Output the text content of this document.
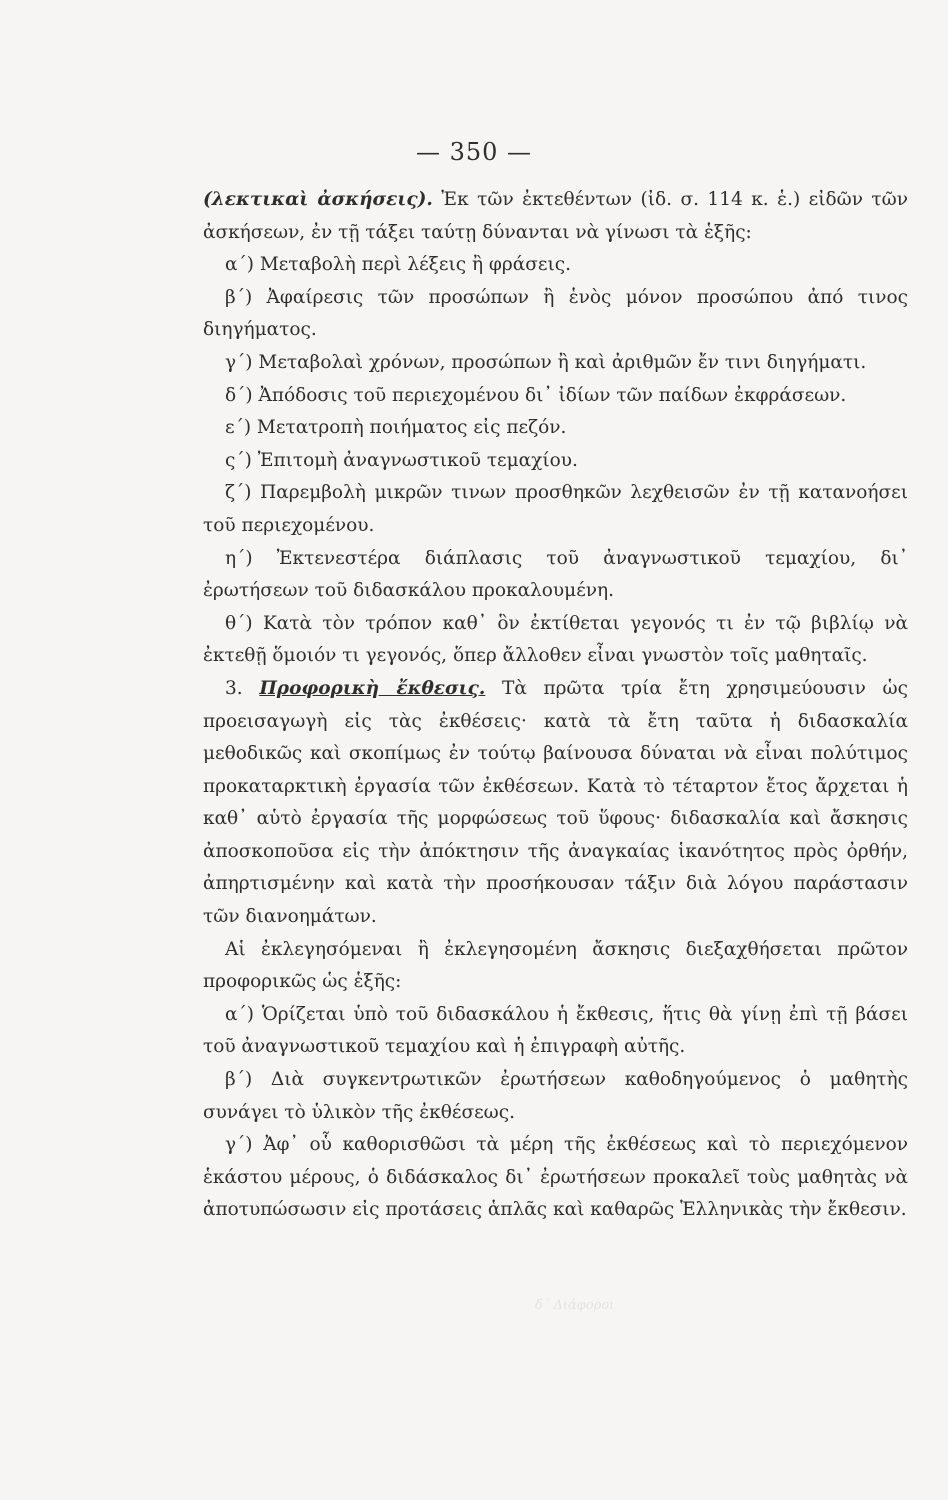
— 350 —

(λεκτικαὶ ἀσκήσεις). Ἐκ τῶν ἐκτεθέντων (ἰδ. σ. 114 κ. ἑ.) εἰδῶν τῶν ἀσκήσεων, ἐν τῇ τάξει ταύτῃ δύνανται νὰ γίνωσι τὰ ἑξῆς:

α΄) Μεταβολὴ περὶ λέξεις ἢ φράσεις.

β΄) Ἀφαίρεσις τῶν προσώπων ἢ ἑνὸς μόνον προσώπου ἀπό τινος διηγήματος.

γ΄) Μεταβολαὶ χρόνων, προσώπων ἢ καὶ ἀριθμῶν ἔν τινι διηγήματι.

δ΄) Ἀπόδοσις τοῦ περιεχομένου δι᾽ ἰδίων τῶν παίδων ἐκφράσεων.

ε΄) Μετατροπὴ ποιήματος εἰς πεζόν.

ς΄) Ἐπιτομὴ ἀναγνωστικοῦ τεμαχίου.

ζ΄) Παρεμβολὴ μικρῶν τινων προσθηκῶν λεχθεισῶν ἐν τῇ κατανοήσει τοῦ περιεχομένου.

η΄) Ἐκτενεστέρα διάπλασις τοῦ ἀναγνωστικοῦ τεμαχίου, δι᾽ ἐρωτήσεων τοῦ διδασκάλου προκαλουμένη.

θ΄) Κατὰ τὸν τρόπον καθ᾽ ὃν ἐκτίθεται γεγονός τι ἐν τῷ βιβλίῳ νὰ ἐκτεθῇ ὅμοιόν τι γεγονός, ὅπερ ἄλλοθεν εἶναι γνωστὸν τοῖς μαθηταῖς.

3. Προφορικὴ ἔκθεσις. Τὰ πρῶτα τρία ἔτη χρησιμεύουσιν ὡς προεισαγωγὴ εἰς τὰς ἐκθέσεις· κατὰ τὰ ἔτη ταῦτα ἡ διδασκαλία μεθοδικῶς καὶ σκοπίμως ἐν τούτῳ βαίνουσα δύναται νὰ εἶναι πολύτιμος προκαταρκτικὴ ἐργασία τῶν ἐκθέσεων. Κατὰ τὸ τέταρτον ἔτος ἄρχεται ἡ καθ᾽ αὑτὸ ἐργασία τῆς μορφώσεως τοῦ ὕφους· διδασκαλία καὶ ἄσκησις ἀποσκοποῦσα εἰς τὴν ἀπόκτησιν τῆς ἀναγκαίας ἱκανότητος πρὸς ὀρθήν, ἀπηρτισμένην καὶ κατὰ τὴν προσήκουσαν τάξιν διὰ λόγου παράστασιν τῶν διανοημάτων.

Αἱ ἐκλεγησόμεναι ἢ ἐκλεγησομένη ἄσκησις διεξαχθήσεται πρῶτον προφορικῶς ὡς ἑξῆς:

α΄) Ὁρίζεται ὑπὸ τοῦ διδασκάλου ἡ ἔκθεσις, ἥτις θὰ γίνῃ ἐπὶ τῇ βάσει τοῦ ἀναγνωστικοῦ τεμαχίου καὶ ἡ ἐπιγραφὴ αὐτῆς.

β΄) Διὰ συγκεντρωτικῶν ἐρωτήσεων καθοδηγούμενος ὁ μαθητὴς συνάγει τὸ ὑλικὸν τῆς ἐκθέσεως.

γ΄) Ἀφ᾽ οὗ καθορισθῶσι τὰ μέρη τῆς ἐκθέσεως καὶ τὸ περιεχόμενον ἑκάστου μέρους, ὁ διδάσκαλος δι᾽ ἐρωτήσεων προκαλεῖ τοὺς μαθητὰς νὰ ἀποτυπώσωσιν εἰς προτάσεις ἁπλᾶς καὶ καθαρῶς Ἑλληνικὰς τὴν ἔκθεσιν.

δ΄ Διάφοροι
